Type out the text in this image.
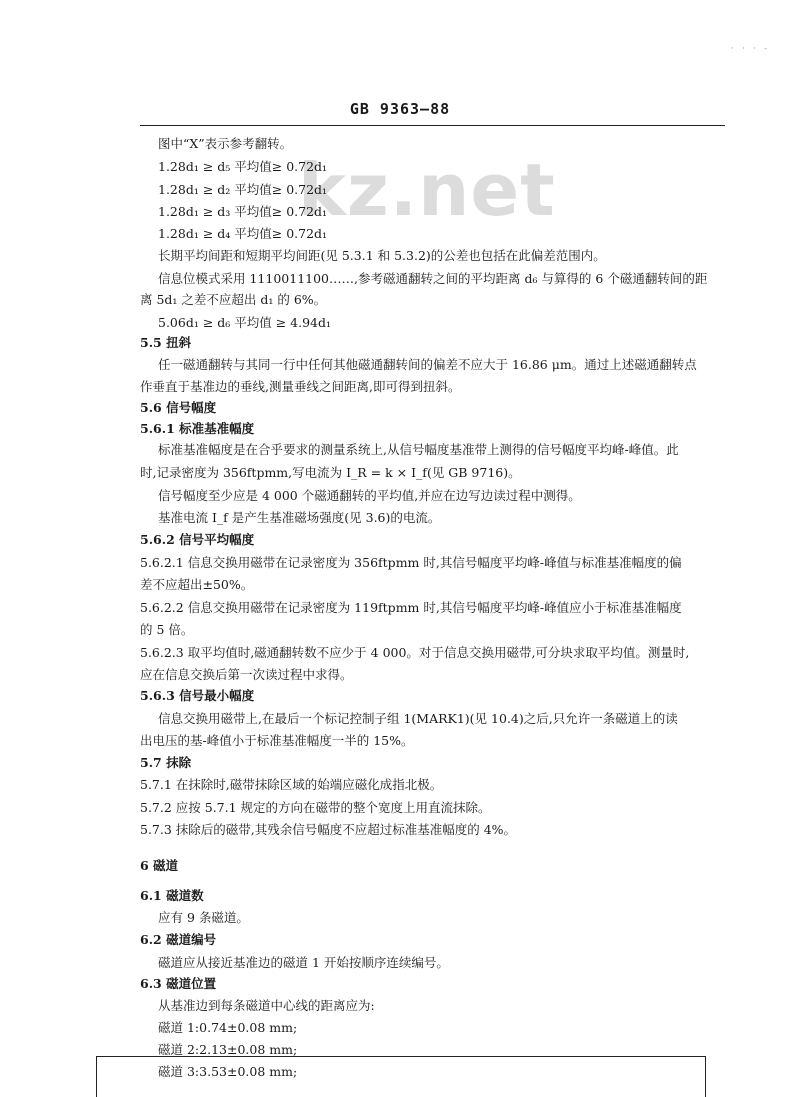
· · · -
GB 9363—88
kz.net
图中“X”表示参考翻转。
1.28d₁ ≥ d₅ 平均值≥ 0.72d₁
1.28d₁ ≥ d₂ 平均值≥ 0.72d₁
1.28d₁ ≥ d₃ 平均值≥ 0.72d₁
1.28d₁ ≥ d₄ 平均值≥ 0.72d₁
长期平均间距和短期平均间距(见 5.3.1 和 5.3.2)的公差也包括在此偏差范围内。
信息位模式采用 1110011100……,参考磁通翻转之间的平均距离 d₆ 与算得的 6 个磁通翻转间的距
离 5d₁ 之差不应超出 d₁ 的 6%。
5.06d₁ ≥ d₆ 平均值 ≥ 4.94d₁
5.5 扭斜
任一磁通翻转与其同一行中任何其他磁通翻转间的偏差不应大于 16.86 μm。通过上述磁通翻转点
作垂直于基准边的垂线,测量垂线之间距离,即可得到扭斜。
5.6 信号幅度
5.6.1 标准基准幅度
标准基准幅度是在合乎要求的测量系统上,从信号幅度基准带上测得的信号幅度平均峰-峰值。此
时,记录密度为 356ftpmm,写电流为 I_R = k × I_f(见 GB 9716)。
信号幅度至少应是 4 000 个磁通翻转的平均值,并应在边写边读过程中测得。
基准电流 I_f 是产生基准磁场强度(见 3.6)的电流。
5.6.2 信号平均幅度
5.6.2.1 信息交换用磁带在记录密度为 356ftpmm 时,其信号幅度平均峰-峰值与标准基准幅度的偏
差不应超出±50%。
5.6.2.2 信息交换用磁带在记录密度为 119ftpmm 时,其信号幅度平均峰-峰值应小于标准基准幅度
的 5 倍。
5.6.2.3 取平均值时,磁通翻转数不应少于 4 000。对于信息交换用磁带,可分块求取平均值。测量时,
应在信息交换后第一次读过程中求得。
5.6.3 信号最小幅度
信息交换用磁带上,在最后一个标记控制子组 1(MARK1)(见 10.4)之后,只允许一条磁道上的读
出电压的基-峰值小于标准基准幅度一半的 15%。
5.7 抹除
5.7.1 在抹除时,磁带抹除区域的始端应磁化成指北极。
5.7.2 应按 5.7.1 规定的方向在磁带的整个宽度上用直流抹除。
5.7.3 抹除后的磁带,其残余信号幅度不应超过标准基准幅度的 4%。
6 磁道
6.1 磁道数
应有 9 条磁道。
6.2 磁道编号
磁道应从接近基准边的磁道 1 开始按顺序连续编号。
6.3 磁道位置
从基准边到每条磁道中心线的距离应为:
磁道 1:0.74±0.08 mm;
磁道 2:2.13±0.08 mm;
磁道 3:3.53±0.08 mm;
